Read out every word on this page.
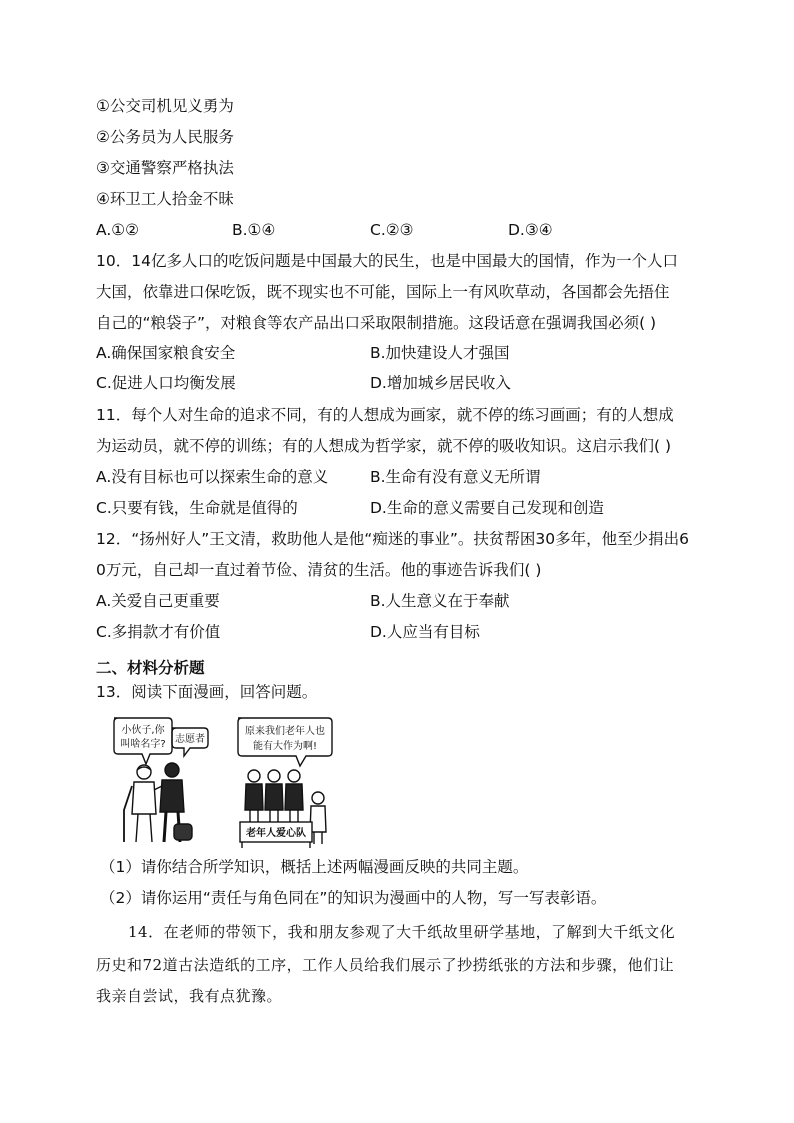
①公交司机见义勇为
②公务员为人民服务
③交通警察严格执法
④环卫工人拾金不昧
A.①②	B.①④	C.②③	D.③④
10．14亿多人口的吃饭问题是中国最大的民生，也是中国最大的国情，作为一个人口
大国，依靠进口保吃饭，既不现实也不可能，国际上一有风吹草动，各国都会先捂住
自己的“粮袋子”，对粮食等农产品出口采取限制措施。这段话意在强调我国必须( )
A.确保国家粮食安全	B.加快建设人才强国
C.促进人口均衡发展	D.增加城乡居民收入
11．每个人对生命的追求不同，有的人想成为画家，就不停的练习画画；有的人想成
为运动员，就不停的训练；有的人想成为哲学家，就不停的吸收知识。这启示我们( )
A.没有目标也可以探索生命的意义	B.生命有没有意义无所谓
C.只要有钱，生命就是值得的	D.生命的意义需要自己发现和创造
12．“扬州好人”王文清，救助他人是他“痴迷的事业”。扶贫帮困30多年，他至少捐出6
0万元，自己却一直过着节俭、清贫的生活。他的事迹告诉我们( )
A.关爱自己更重要	B.人生意义在于奉献
C.多捐款才有价值	D.人应当有目标
二、材料分析题
13．阅读下面漫画，回答问题。
小伙子,你
叫啥名字? 志愿者
原来我们老年人也
能有大作为啊!
老年人爱心队
（1）请你结合所学知识，概括上述两幅漫画反映的共同主题。
（2）请你运用“责任与角色同在”的知识为漫画中的人物，写一写表彰语。
14．在老师的带领下，我和朋友参观了大千纸故里研学基地，了解到大千纸文化
历史和72道古法造纸的工序，工作人员给我们展示了抄捞纸张的方法和步骤，他们让
我亲自尝试，我有点犹豫。
